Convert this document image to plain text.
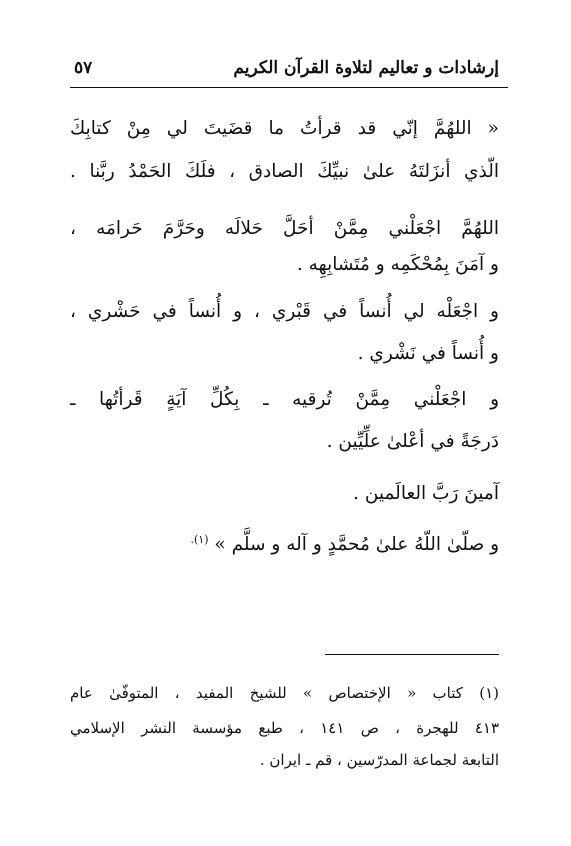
إرشادات و تعاليم لتلاوة القرآن الكريم
٥٧
« اللهُمَّ إنّي قد قرأتُ ما قضَيتَ لي مِنْ كتابِكَ
الّذي أنزَلتَهُ علىٰ نبيِّكَ الصادق ، فلَكَ الحَمْدُ ربَّنا .
اللهُمَّ اجْعَلْني مِمَّنْ أحَلَّ حَلالَه وحَرَّمَ حَرامَه ،
و آمَنَ بِمُحْكَمِه و مُتَشابِهِه .
و اجْعَلْه لي أُنساً في قَبْري ، و أُنساً في حَشْري ،
و أُنساً في نَشْري .
و اجْعَلْني مِمَّنْ تُرقيه ـ بِكُلِّ آيَةٍ قَرأتُها ـ
دَرجَةً في أعْلىٰ علِّيِّين .
آمينَ رَبَّ العالَمين .
و صلّىٰ اللّهُ علىٰ مُحمَّدٍ و آله و سلَّم » $^{(١).}$
(١) كتاب « الإختصاص » للشيخ المفيد ، المتوفّىٰ عام
٤١٣ للهجرة ، ص ١٤١ ، طبع مؤسسة النشر الإسلامي
التابعة لجماعة المدرّسين ، قم ـ ايران .
